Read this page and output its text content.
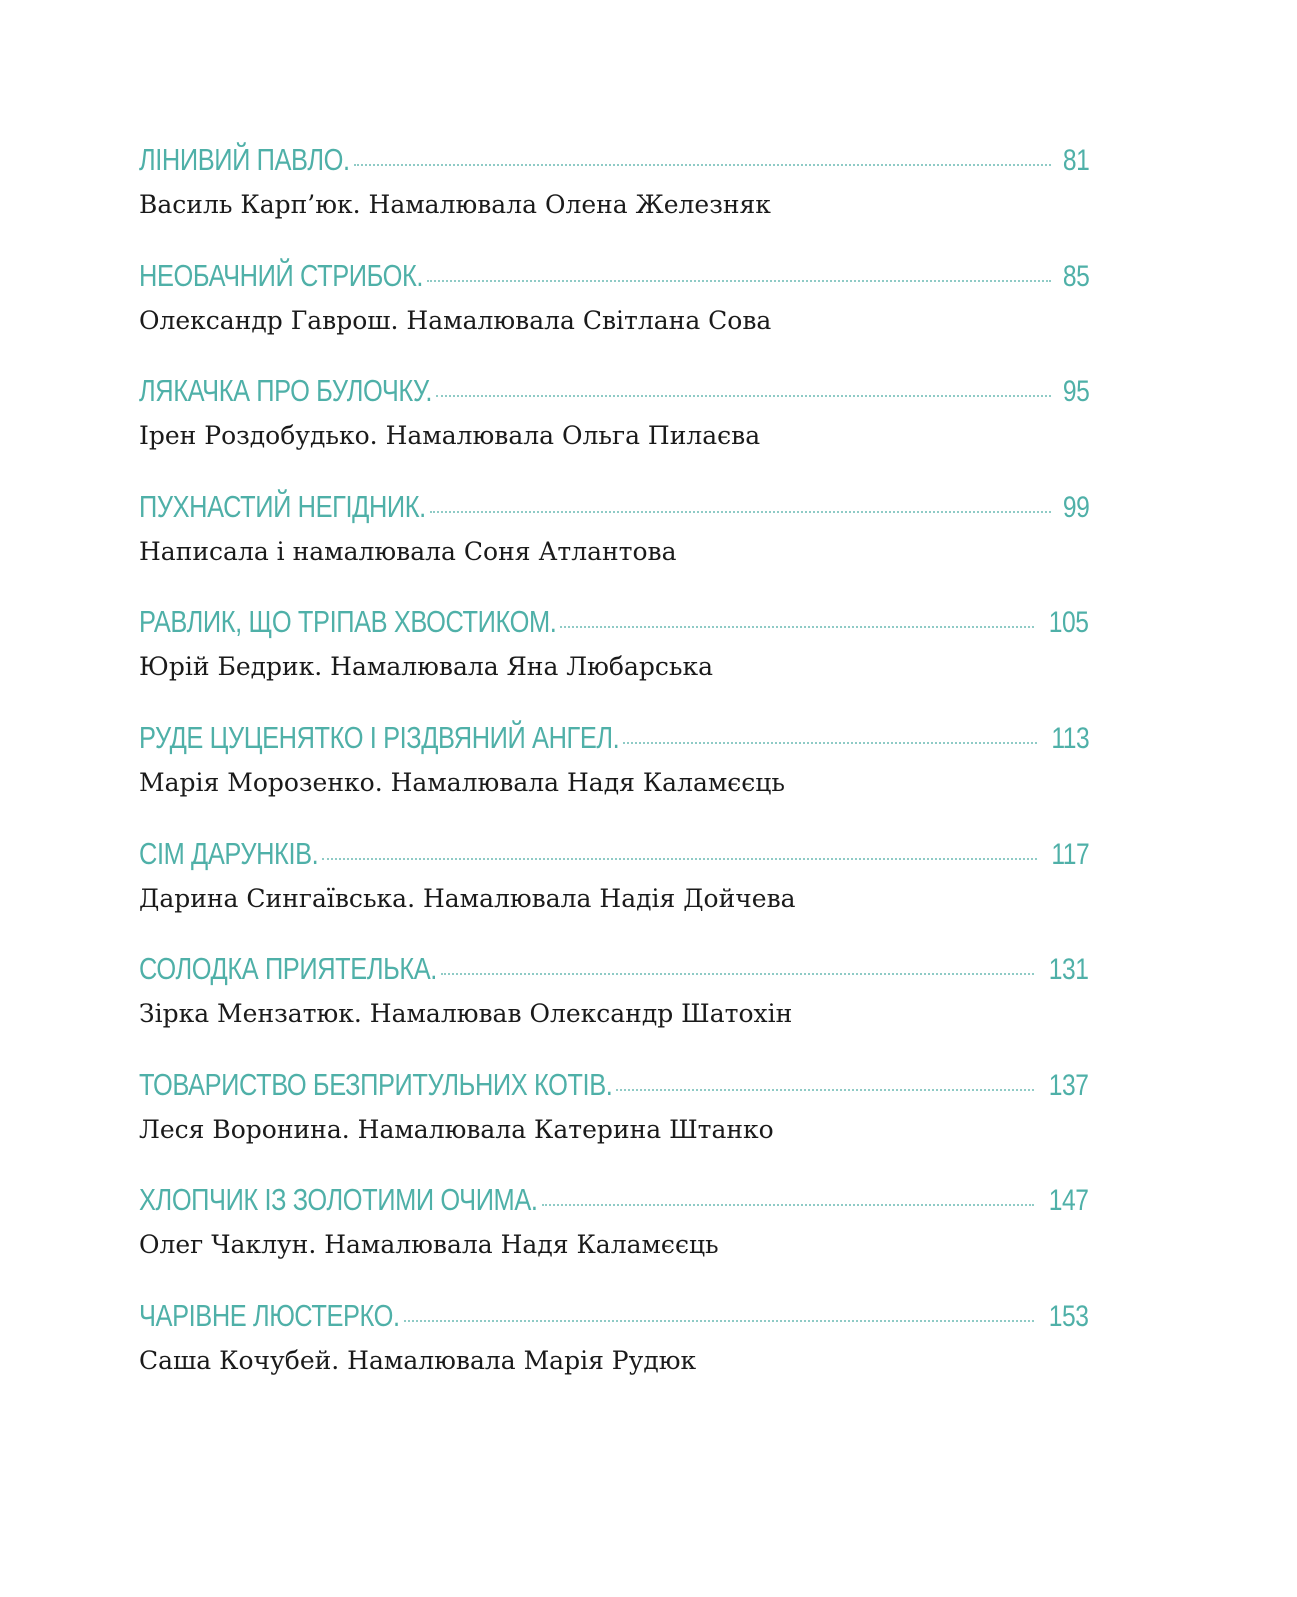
ЛІНИВИЙ ПАВЛО.	81
Василь Карп’юк. Намалювала Олена Железняк
НЕОБАЧНИЙ СТРИБОК.	85
Олександр Гаврош. Намалювала Світлана Сова
ЛЯКАЧКА ПРО БУЛОЧКУ.	95
Ірен Роздобудько. Намалювала Ольга Пилаєва
ПУХНАСТИЙ НЕГІДНИК.	99
Написала і намалювала Соня Атлантова
РАВЛИК, ЩО ТРІПАВ ХВОСТИКОМ.	105
Юрій Бедрик. Намалювала Яна Любарська
РУДЕ ЦУЦЕНЯТКО І РІЗДВЯНИЙ АНГЕЛ.	113
Марія Морозенко. Намалювала Надя Каламєєць
СІМ ДАРУНКІВ.	117
Дарина Сингаївська. Намалювала Надія Дойчева
СОЛОДКА ПРИЯТЕЛЬКА.	131
Зірка Мензатюк. Намалював Олександр Шатохін
ТОВАРИСТВО БЕЗПРИТУЛЬНИХ КОТІВ.	137
Леся Воронина. Намалювала Катерина Штанко
ХЛОПЧИК ІЗ ЗОЛОТИМИ ОЧИМА.	147
Олег Чаклун. Намалювала Надя Каламєєць
ЧАРІВНЕ ЛЮСТЕРКО.	153
Саша Кочубей. Намалювала Марія Рудюк
